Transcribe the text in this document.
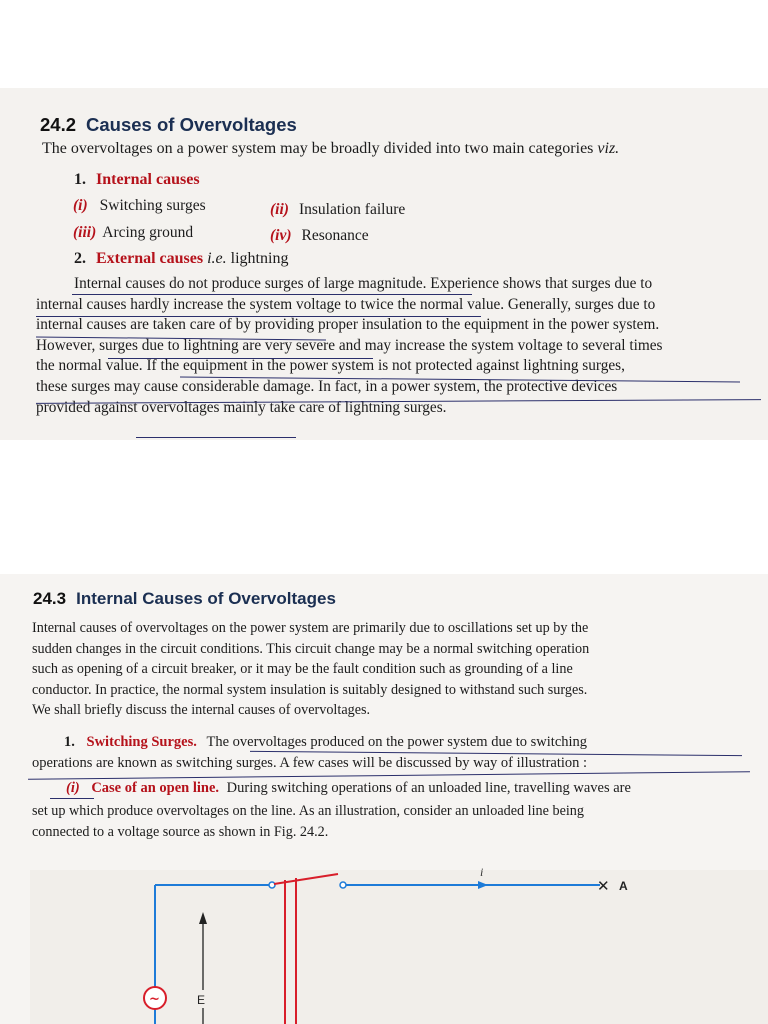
24.2 Causes of Overvoltages
The overvoltages on a power system may be broadly divided into two main categories viz.
1. Internal causes
(i) Switching surges	(ii) Insulation failure
(iii) Arcing ground	(iv) Resonance
2. External causes i.e. lightning

Internal causes do not produce surges of large magnitude. Experience shows that surges due to

internal causes hardly increase the system voltage to twice the normal value. Generally, surges due to

internal causes are taken care of by providing proper insulation to the equipment in the power system.

However, surges due to lightning are very severe and may increase the system voltage to several times

the normal value. If the equipment in the power system is not protected against lightning surges,

these surges may cause considerable damage. In fact, in a power system, the protective devices

provided against overvoltages mainly take care of lightning surges.

24.3 Internal Causes of Overvoltages

Internal causes of overvoltages on the power system are primarily due to oscillations set up by the

sudden changes in the circuit conditions. This circuit change may be a normal switching operation

such as opening of a circuit breaker, or it may be the fault condition such as grounding of a line

conductor. In practice, the normal system insulation is suitably designed to withstand such surges.

We shall briefly discuss the internal causes of overvoltages.

1. Switching Surges. The overvoltages produced on the power system due to switching
operations are known as switching surges. A few cases will be discussed by way of illustration :
(i) Case of an open line. During switching operations of an unloaded line, travelling waves are

set up which produce overvoltages on the line. As an illustration, consider an unloaded line being

connected to a voltage source as shown in Fig. 24.2.

i
✕ A
E
~
